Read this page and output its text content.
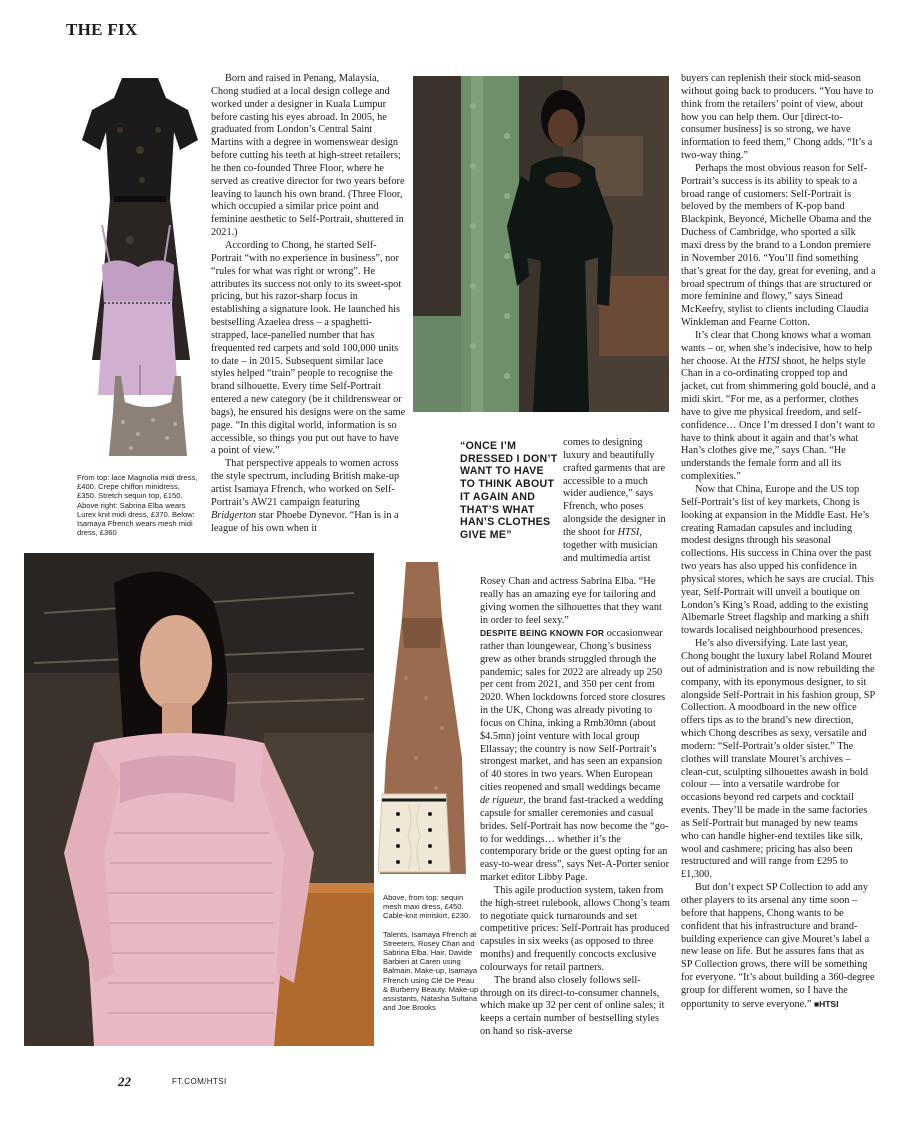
THE FIX
From top: lace Magnolia midi dress, £400. Crepe chiffon minidress, £350. Stretch sequin top, £150. Above right: Sabrina Elba wears Lurex knit midi dress, £370. Below: Isamaya Ffrench wears mesh midi dress, £360

Born and raised in Penang, Malaysia, Chong studied at a local design college and worked under a designer in Kuala Lumpur before casting his eyes abroad. In 2005, he graduated from London’s Central Saint Martins with a degree in womenswear design before cutting his teeth at high-street retailers; he then co-founded Three Floor, where he served as creative director for two years before leaving to launch his own brand. (Three Floor, which occupied a similar price point and feminine aesthetic to Self-Portrait, shuttered in 2021.)

According to Chong, he started Self-Portrait “with no experience in business”, nor “rules for what was right or wrong”. He attributes its success not only to its sweet-spot pricing, but his razor-sharp focus in establishing a signature look. He launched his bestselling Azaelea dress – a spaghetti-strapped, lace-panelled number that has frequented red carpets and sold 100,000 units to date – in 2015. Subsequent similar lace styles helped “train” people to recognise the brand silhouette. Every time Self-Portrait entered a new category (be it childrenswear or bags), he ensured his designs were on the same page. “In this digital world, information is so accessible, so things you put out have to have a point of view.”

That perspective appeals to women across the style spectrum, including British make-up artist Isamaya Ffrench, who worked on Self-Portrait’s AW21 campaign featuring Bridgerton star Phoebe Dynevor. “Han is in a league of his own when it

“ONCE I’M DRESSED I DON’T WANT TO HAVE TO THINK ABOUT IT AGAIN AND THAT’S WHAT HAN’S CLOTHES GIVE ME”

comes to designing luxury and beautifully crafted garments that are accessible to a much wider audience,” says Ffrench, who poses alongside the designer in the shoot for HTSI, together with musician and multimedia artist

Rosey Chan and actress Sabrina Elba. “He really has an amazing eye for tailoring and giving women the silhouettes that they want in order to feel sexy.”

DESPITE BEING KNOWN FOR occasionwear rather than loungewear, Chong’s business grew as other brands struggled through the pandemic; sales for 2022 are already up 250 per cent from 2021, and 350 per cent from 2020. When lockdowns forced store closures in the UK, Chong was already pivoting to focus on China, inking a Rmb30mn (about $4.5mn) joint venture with local group Ellassay; the country is now Self-Portrait’s strongest market, and has seen an expansion of 40 stores in two years. When European cities reopened and small weddings became de rigueur, the brand fast-tracked a wedding capsule for smaller ceremonies and casual brides. Self-Portrait has now become the “go-to for weddings… whether it’s the contemporary bride or the guest opting for an easy-to-wear dress”, says Net-A-Porter senior market editor Libby Page.

This agile production system, taken from the high-street rulebook, allows Chong’s team to negotiate quick turnarounds and set competitive prices: Self-Portrait has produced capsules in six weeks (as opposed to three months) and frequently concocts exclusive colourways for retail partners.

The brand also closely follows sell-through on its direct-to-consumer channels, which make up 32 per cent of online sales; it keeps a certain number of bestselling styles on hand so risk-averse

Above, from top: sequin mesh maxi dress, £450. Cable-knit miniskirt, £230.

Talents, Isamaya Ffrench at Streeters, Rosey Chan and Sabrina Elba. Hair, Davide Barbieri at Caren using Balmain. Make-up, Isamaya Ffrench using Clé De Peau & Burberry Beauty. Make-up assistants, Natasha Sultana and Joe Brooks

buyers can replenish their stock mid-season without going back to producers. “You have to think from the retailers’ point of view, about how you can help them. Our [direct-to-consumer business] is so strong, we have information to feed them,” Chong adds. “It’s a two-way thing.”

Perhaps the most obvious reason for Self-Portrait’s success is its ability to speak to a broad range of customers: Self-Portrait is beloved by the members of K-pop band Blackpink, Beyoncé, Michelle Obama and the Duchess of Cambridge, who sported a silk maxi dress by the brand to a London premiere in November 2016. “You’ll find something that’s great for the day, great for evening, and a broad spectrum of things that are structured or more feminine and flowy,” says Sinead McKeefry, stylist to clients including Claudia Winkleman and Fearne Cotton.

It’s clear that Chong knows what a woman wants – or, when she’s indecisive, how to help her choose. At the HTSI shoot, he helps style Chan in a co-ordinating cropped top and jacket, cut from shimmering gold bouclé, and a midi skirt. “For me, as a performer, clothes have to give me physical freedom, and self-confidence… Once I’m dressed I don’t want to have to think about it again and that’s what Han’s clothes give me,” says Chan. “He understands the female form and all its complexities.”

Now that China, Europe and the US top Self-Portrait’s list of key markets, Chong is looking at expansion in the Middle East. He’s creating Ramadan capsules and including modest designs through his seasonal collections. His success in China over the past two years has also upped his confidence in physical stores, which he says are crucial. This year, Self-Portrait will unveil a boutique on London’s King’s Road, adding to the existing Albemarle Street flagship and marking a shift towards localised neighbourhood presences.

He’s also diversifying. Late last year, Chong bought the luxury label Roland Mouret out of administration and is now rebuilding the company, with its eponymous designer, to sit alongside Self-Portrait in his fashion group, SP Collection. A moodboard in the new office offers tips as to the brand’s new direction, which Chong describes as sexy, versatile and modern: “Self-Portrait’s older sister.” The clothes will translate Mouret’s archives – clean-cut, sculpting silhouettes awash in bold colour — into a versatile wardrobe for occasions beyond red carpets and cocktail events. They’ll be made in the same factories as Self-Portrait but managed by new teams who can handle higher-end textiles like silk, wool and cashmere; pricing has also been restructured and will range from £295 to £1,300.

But don’t expect SP Collection to add any other players to its arsenal any time soon – before that happens, Chong wants to be confident that his infrastructure and brand-building experience can give Mouret’s label a new lease on life. But he assures fans that as SP Collection grows, there will be something for everyone. “It’s about building a 360-degree group for different women, so I have the opportunity to serve everyone.” ■HTSI

22	FT.COM/HTSI
